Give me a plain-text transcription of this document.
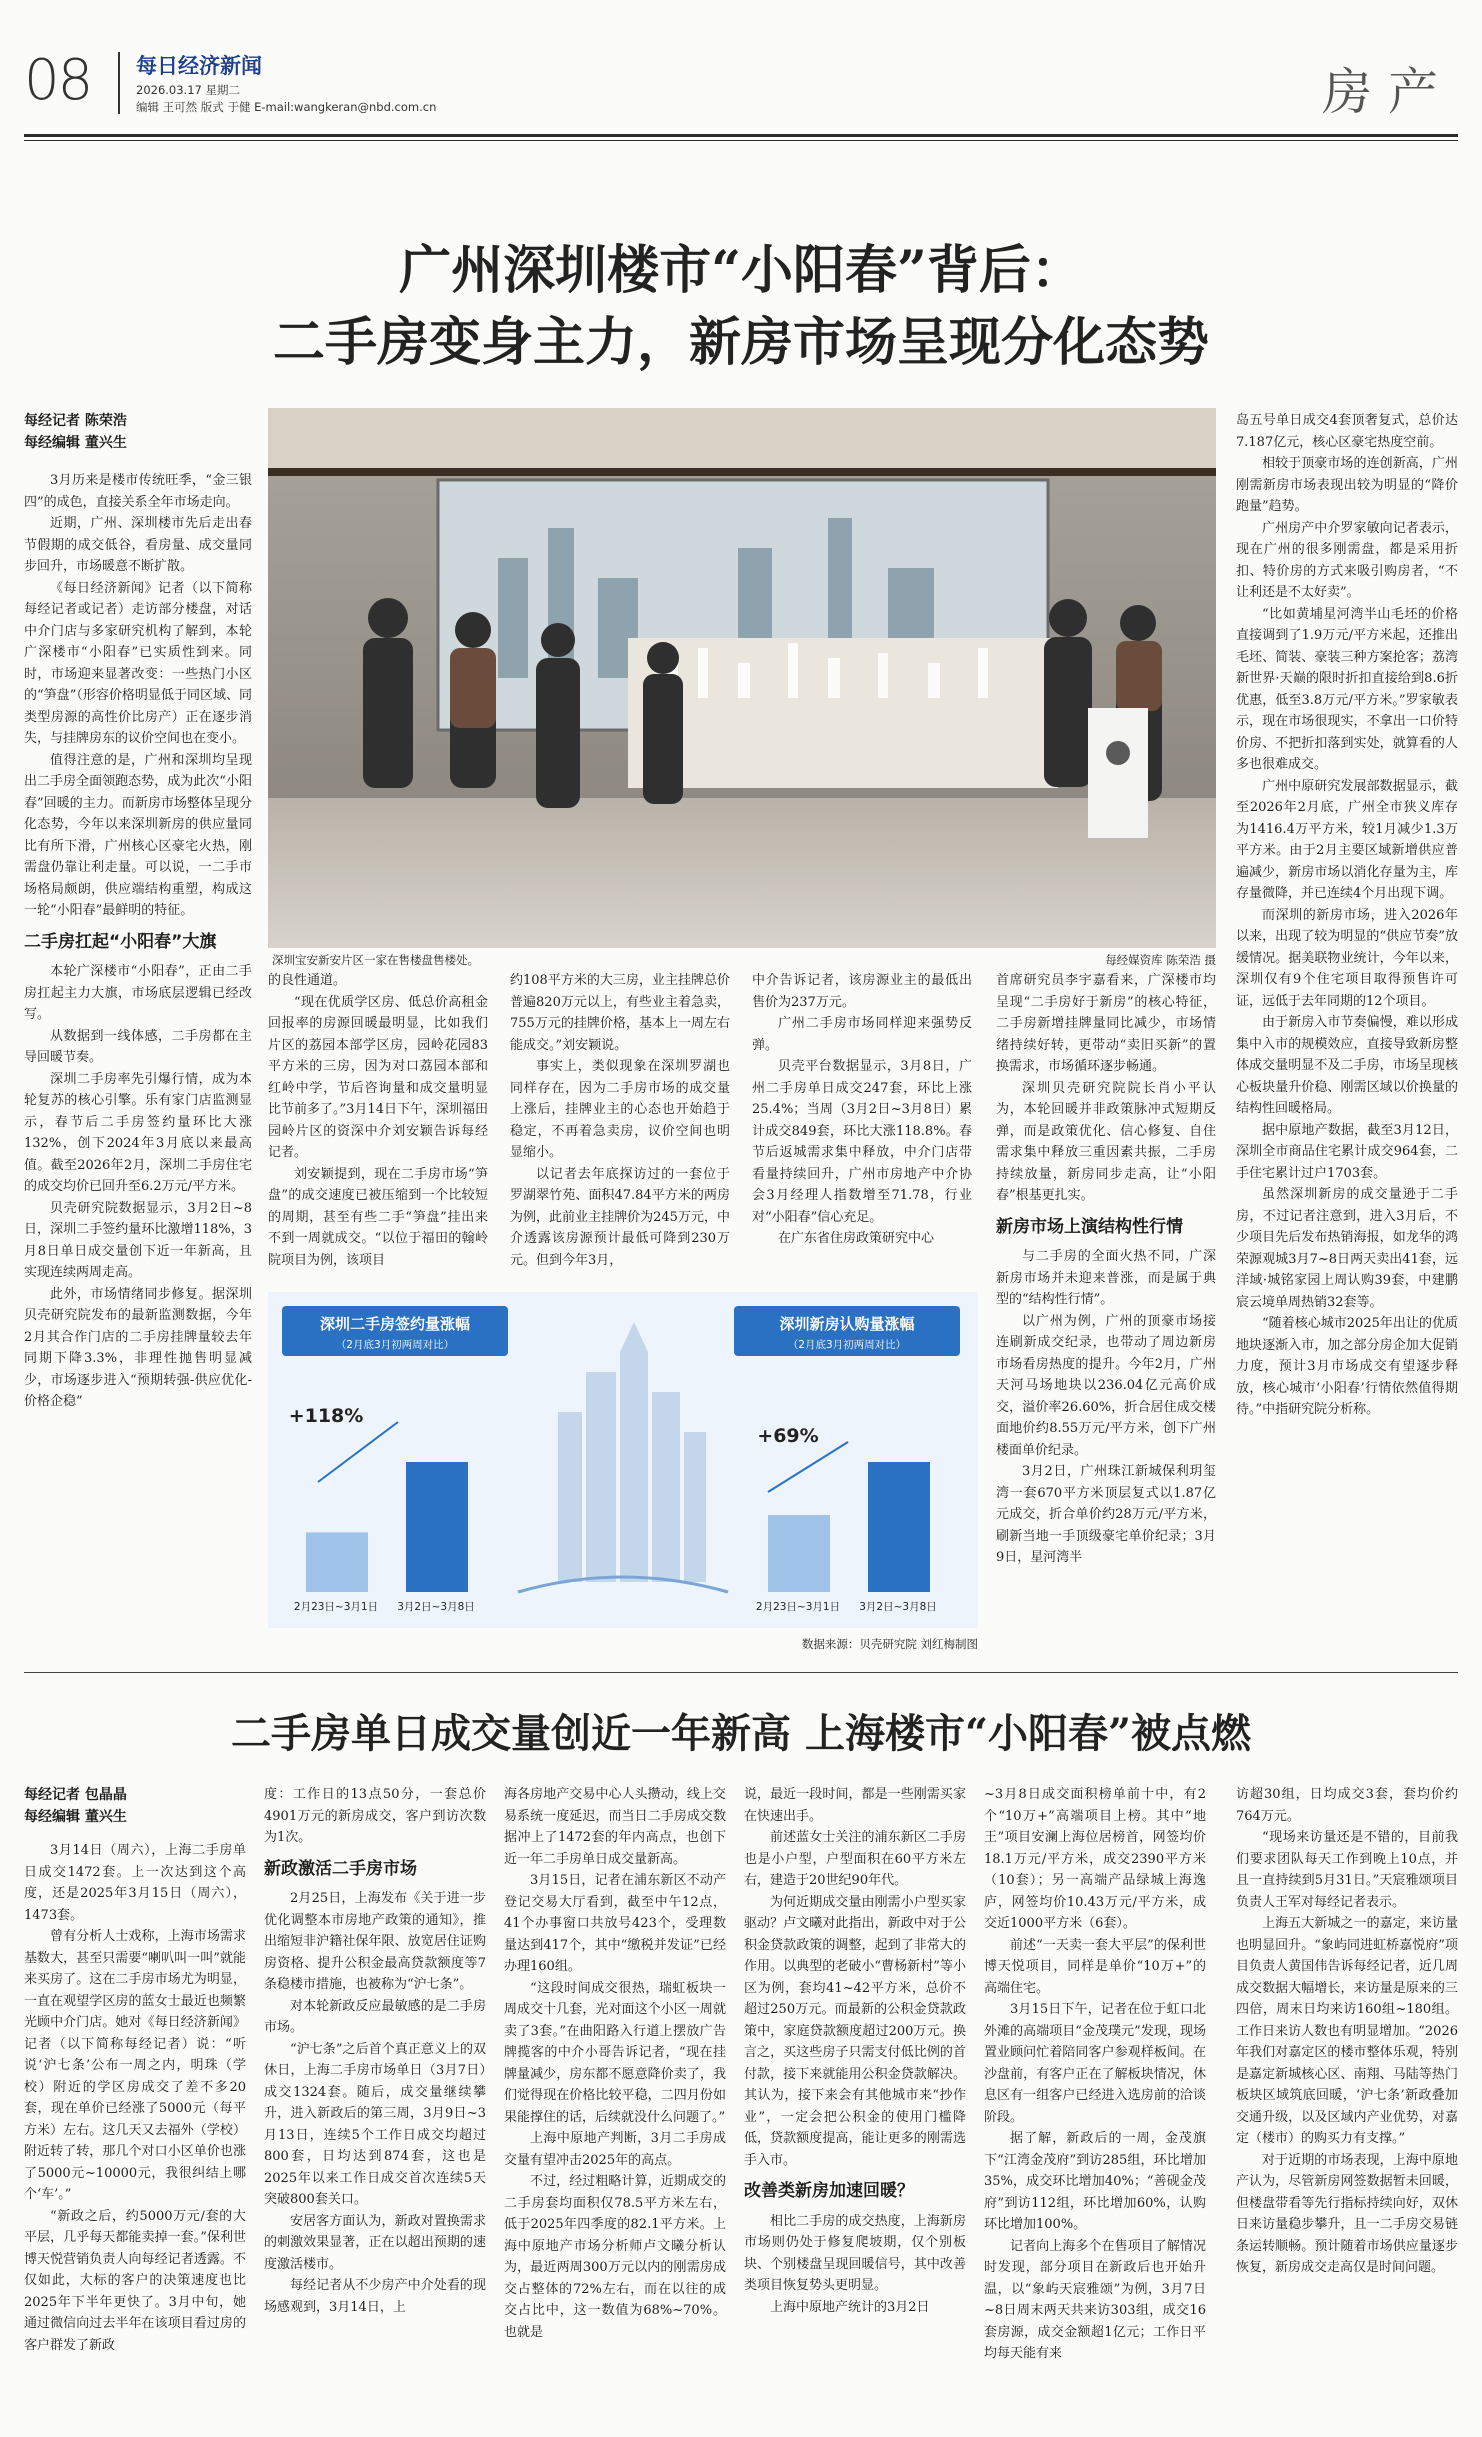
08 每日经济新闻
2026.03.17 星期二
编辑 王可然 版式 于健 E-mail:wangkeran@nbd.com.cn	房产
广州深圳楼市“小阳春”背后：
二手房变身主力，新房市场呈现分化态势
每经记者 陈荣浩
每经编辑 董兴生

3月历来是楼市传统旺季，“金三银四”的成色，直接关系全年市场走向。

近期，广州、深圳楼市先后走出春节假期的成交低谷，看房量、成交量同步回升，市场暖意不断扩散。

《每日经济新闻》记者（以下简称每经记者或记者）走访部分楼盘，对话中介门店与多家研究机构了解到，本轮广深楼市“小阳春”已实质性到来。同时，市场迎来显著改变：一些热门小区的“笋盘”（形容价格明显低于同区域、同类型房源的高性价比房产）正在逐步消失，与挂牌房东的议价空间也在变小。

值得注意的是，广州和深圳均呈现出二手房全面领跑态势，成为此次“小阳春”回暖的主力。而新房市场整体呈现分化态势，今年以来深圳新房的供应量同比有所下滑，广州核心区豪宅火热，刚需盘仍靠让利走量。可以说，一二手市场格局颇朗，供应端结构重塑，构成这一轮“小阳春”最鲜明的特征。

二手房扛起“小阳春”大旗

本轮广深楼市“小阳春”，正由二手房扛起主力大旗，市场底层逻辑已经改写。

从数据到一线体感，二手房都在主导回暖节奏。

深圳二手房率先引爆行情，成为本轮复苏的核心引擎。乐有家门店监测显示，春节后二手房签约量环比大涨132%，创下2024年3月底以来最高值。截至2026年2月，深圳二手房住宅的成交均价已回升至6.2万元/平方米。

贝壳研究院数据显示，3月2日~8日，深圳二手签约量环比激增118%，3月8日单日成交量创下近一年新高，且实现连续两周走高。

此外，市场情绪同步修复。据深圳贝壳研究院发布的最新监测数据，今年2月其合作门店的二手房挂牌量较去年同期下降3.3%，非理性抛售明显减少，市场逐步进入“预期转强-供应优化-价格企稳”

深圳宝安新安片区一家在售楼盘售楼处。	每经媒资库 陈荣浩 摄

的良性通道。

“现在优质学区房、低总价高租金回报率的房源回暖最明显，比如我们片区的荔园本部学区房，园岭花园83平方米的三房，因为对口荔园本部和红岭中学，节后咨询量和成交量明显比节前多了。”3月14日下午，深圳福田园岭片区的资深中介刘安颖告诉每经记者。

刘安颖提到，现在二手房市场“笋盘”的成交速度已被压缩到一个比较短的周期，甚至有些二手“笋盘”挂出来不到一周就成交。“以位于福田的翰岭院项目为例，该项目

约108平方米的大三房，业主挂牌总价普遍820万元以上，有些业主着急卖，755万元的挂牌价格，基本上一周左右能成交。”刘安颖说。

事实上，类似现象在深圳罗湖也同样存在，因为二手房市场的成交量上涨后，挂牌业主的心态也开始趋于稳定，不再着急卖房，议价空间也明显缩小。

以记者去年底探访过的一套位于罗湖翠竹苑、面积47.84平方米的两房为例，此前业主挂牌价为245万元，中介透露该房源预计最低可降到230万元。但到今年3月，

中介告诉记者，该房源业主的最低出售价为237万元。

广州二手房市场同样迎来强势反弹。

贝壳平台数据显示，3月8日，广州二手房单日成交247套，环比上涨25.4%；当周（3月2日~3月8日）累计成交849套，环比大涨118.8%。春节后返城需求集中释放，中介门店带看量持续回升，广州市房地产中介协会3月经理人指数增至71.78，行业对“小阳春”信心充足。

在广东省住房政策研究中心

深圳二手房签约量涨幅
（2月底3月初两周对比）
+118%
2月23日~3月1日 3月2日~3月8日
深圳新房认购量涨幅
（2月底3月初两周对比）
+69%
2月23日~3月1日 3月2日~3月8日
数据来源：贝壳研究院 刘红梅制图

首席研究员李宇嘉看来，广深楼市均呈现“二手房好于新房”的核心特征，二手房新增挂牌量同比减少，市场情绪持续好转，更带动“卖旧买新”的置换需求，市场循环逐步畅通。

深圳贝壳研究院院长肖小平认为，本轮回暖并非政策脉冲式短期反弹，而是政策优化、信心修复、自住需求集中释放三重因素共振，二手房持续放量，新房同步走高，让“小阳春”根基更扎实。

新房市场上演结构性行情

与二手房的全面火热不同，广深新房市场并未迎来普涨，而是属于典型的“结构性行情”。

以广州为例，广州的顶豪市场接连刷新成交纪录，也带动了周边新房市场看房热度的提升。今年2月，广州天河马场地块以236.04亿元高价成交，溢价率26.60%，折合居住成交楼面地价约8.55万元/平方米，创下广州楼面单价纪录。

3月2日，广州珠江新城保利玥玺湾一套670平方米顶层复式以1.87亿元成交，折合单价约28万元/平方米，刷新当地一手顶级豪宅单价纪录；3月9日，星河湾半

岛五号单日成交4套顶奢复式，总价达7.187亿元，核心区豪宅热度空前。

相较于顶豪市场的连创新高，广州刚需新房市场表现出较为明显的“降价跑量”趋势。

广州房产中介罗家敏向记者表示，现在广州的很多刚需盘，都是采用折扣、特价房的方式来吸引购房者，“不让利还是不太好卖”。

“比如黄埔星河湾半山毛坯的价格直接调到了1.9万元/平方米起，还推出毛坯、简装、豪装三种方案抢客；荔湾新世界·天巅的限时折扣直接给到8.6折优惠，低至3.8万元/平方米。”罗家敏表示，现在市场很现实，不拿出一口价特价房、不把折扣落到实处，就算看的人多也很难成交。

广州中原研究发展部数据显示，截至2026年2月底，广州全市狭义库存为1416.4万平方米，较1月减少1.3万平方米。由于2月主要区域新增供应普遍减少，新房市场以消化存量为主，库存量微降，并已连续4个月出现下调。

而深圳的新房市场，进入2026年以来，出现了较为明显的“供应节奏”放缓情况。据美联物业统计，今年以来，深圳仅有9个住宅项目取得预售许可证，远低于去年同期的12个项目。

由于新房入市节奏偏慢，难以形成集中入市的规模效应，直接导致新房整体成交量明显不及二手房，市场呈现核心板块量升价稳、刚需区域以价换量的结构性回暖格局。

据中原地产数据，截至3月12日，深圳全市商品住宅累计成交964套，二手住宅累计过户1703套。

虽然深圳新房的成交量逊于二手房，不过记者注意到，进入3月后，不少项目先后发布热销海报，如龙华的鸿荣源观城3月7~8日两天卖出41套，远洋域·城铭家园上周认购39套，中建鹏宸云境单周热销32套等。

“随着核心城市2025年出让的优质地块逐渐入市，加之部分房企加大促销力度，预计3月市场成交有望逐步释放，核心城市‘小阳春’行情依然值得期待。”中指研究院分析称。

二手房单日成交量创近一年新高 上海楼市“小阳春”被点燃
每经记者 包晶晶
每经编辑 董兴生

3月14日（周六），上海二手房单日成交1472套。上一次达到这个高度，还是2025年3月15日（周六），1473套。

曾有分析人士戏称，上海市场需求基数大，甚至只需要“喇叭叫一叫”就能来买房了。这在二手房市场尤为明显，一直在观望学区房的蓝女士最近也频繁光顾中介门店。她对《每日经济新闻》记者（以下简称每经记者）说：“听说‘沪七条’公布一周之内，明珠（学校）附近的学区房成交了差不多20套，现在单价已经涨了5000元（每平方米）左右。这几天又去福外（学校）附近转了转，那几个对口小区单价也涨了5000元~10000元，我很纠结上哪个‘车’。”

“新政之后，约5000万元/套的大平层，几乎每天都能卖掉一套。”保利世博天悦营销负责人向每经记者透露。不仅如此，大标的客户的决策速度也比2025年下半年更快了。3月中旬，她通过微信向过去半年在该项目看过房的客户群发了新政

度：工作日的13点50分，一套总价4901万元的新房成交，客户到访次数为1次。

新政激活二手房市场

2月25日，上海发布《关于进一步优化调整本市房地产政策的通知》，推出缩短非沪籍社保年限、放宽居住证购房资格、提升公积金最高贷款额度等7条稳楼市措施，也被称为“沪七条”。

对本轮新政反应最敏感的是二手房市场。

“沪七条”之后首个真正意义上的双休日，上海二手房市场单日（3月7日）成交1324套。随后，成交量继续攀升，进入新政后的第三周，3月9日~3月13日，连续5个工作日成交均超过800套，日均达到874套，这也是2025年以来工作日成交首次连续5天突破800套关口。

安居客方面认为，新政对置换需求的刺激效果显著，正在以超出预期的速度激活楼市。

每经记者从不少房产中介处看的现场感观到，3月14日，上

海各房地产交易中心人头攒动，线上交易系统一度延迟，而当日二手房成交数据冲上了1472套的年内高点，也创下近一年二手房单日成交量新高。

3月15日，记者在浦东新区不动产登记交易大厅看到，截至中午12点，41个办事窗口共放号423个，受理数量达到417个，其中“缴税并发证”已经办理160组。

“这段时间成交很热，瑞虹板块一周成交十几套，光对面这个小区一周就卖了3套。”在曲阳路入行道上摆放广告牌揽客的中介小哥告诉记者，“现在挂牌量减少，房东都不愿意降价卖了，我们觉得现在价格比较平稳，二四月份如果能撑住的话，后续就没什么问题了。”

上海中原地产判断，3月二手房成交量有望冲击2025年的高点。

不过，经过粗略计算，近期成交的二手房套均面积仅78.5平方米左右，低于2025年四季度的82.1平方米。上海中原地产市场分析师卢文曦分析认为，最近两周300万元以内的刚需房成交占整体的72%左右，而在以往的成交占比中，这一数值为68%~70%。也就是

说，最近一段时间，都是一些刚需买家在快速出手。

前述蓝女士关注的浦东新区二手房也是小户型，户型面积在60平方米左右，建造于20世纪90年代。

为何近期成交量由刚需小户型买家驱动？卢文曦对此指出，新政中对于公积金贷款政策的调整，起到了非常大的作用。以典型的老破小“曹杨新村”等小区为例，套均41~42平方米，总价不超过250万元。而最新的公积金贷款政策中，家庭贷款额度超过200万元。换言之，买这些房子只需支付低比例的首付款，接下来就能用公积金贷款解决。其认为，接下来会有其他城市来“抄作业”，一定会把公积金的使用门槛降低，贷款额度提高，能让更多的刚需选手入市。

改善类新房加速回暖？

相比二手房的成交热度，上海新房市场则仍处于修复爬坡期，仅个别板块、个别楼盘呈现回暖信号，其中改善类项目恢复势头更明显。

上海中原地产统计的3月2日

~3月8日成交面积榜单前十中，有2个“10万+”高端项目上榜。其中“地王”项目安澜上海位居榜首，网签均价18.1万元/平方米，成交2390平方米（10套）；另一高端产品绿城上海逸庐，网签均价10.43万元/平方米，成交近1000平方米（6套）。

前述“一天卖一套大平层”的保利世博天悦项目，同样是单价“10万+”的高端住宅。

3月15日下午，记者在位于虹口北外滩的高端项目“金茂璞元”发现，现场置业顾问忙着陪同客户参观样板间。在沙盘前，有客户正在了解板块情况，休息区有一组客户已经进入选房前的洽谈阶段。

据了解，新政后的一周，金茂旗下“江湾金茂府”到访285组，环比增加35%，成交环比增加40%；“善砚金茂府”到访112组，环比增加60%，认购环比增加100%。

记者向上海多个在售项目了解情况时发现，部分项目在新政后也开始升温，以“象屿天宸雅颂”为例，3月7日~8日周末两天共来访303组，成交16套房源，成交金额超1亿元；工作日平均每天能有来

访超30组，日均成交3套，套均价约764万元。

“现场来访量还是不错的，目前我们要求团队每天工作到晚上10点，并且一直持续到5月31日。”天宸雅颂项目负责人王军对每经记者表示。

上海五大新城之一的嘉定，来访量也明显回升。“象屿同进虹桥嘉悦府”项目负责人黄国伟告诉每经记者，近几周成交数据大幅增长，来访量是原来的三四倍，周末日均来访160组~180组。工作日来访人数也有明显增加。“2026年我们对嘉定区的楼市整体乐观，特别是嘉定新城核心区、南翔、马陆等热门板块区域筑底回暖，‘沪七条’新政叠加交通升级，以及区域内产业优势，对嘉定（楼市）的购买力有支撑。”

对于近期的市场表现，上海中原地产认为，尽管新房网签数据暂未回暖，但楼盘带看等先行指标持续向好，双休日来访量稳步攀升，且一二手房交易链条运转顺畅。预计随着市场供应量逐步恢复，新房成交走高仅是时间问题。
